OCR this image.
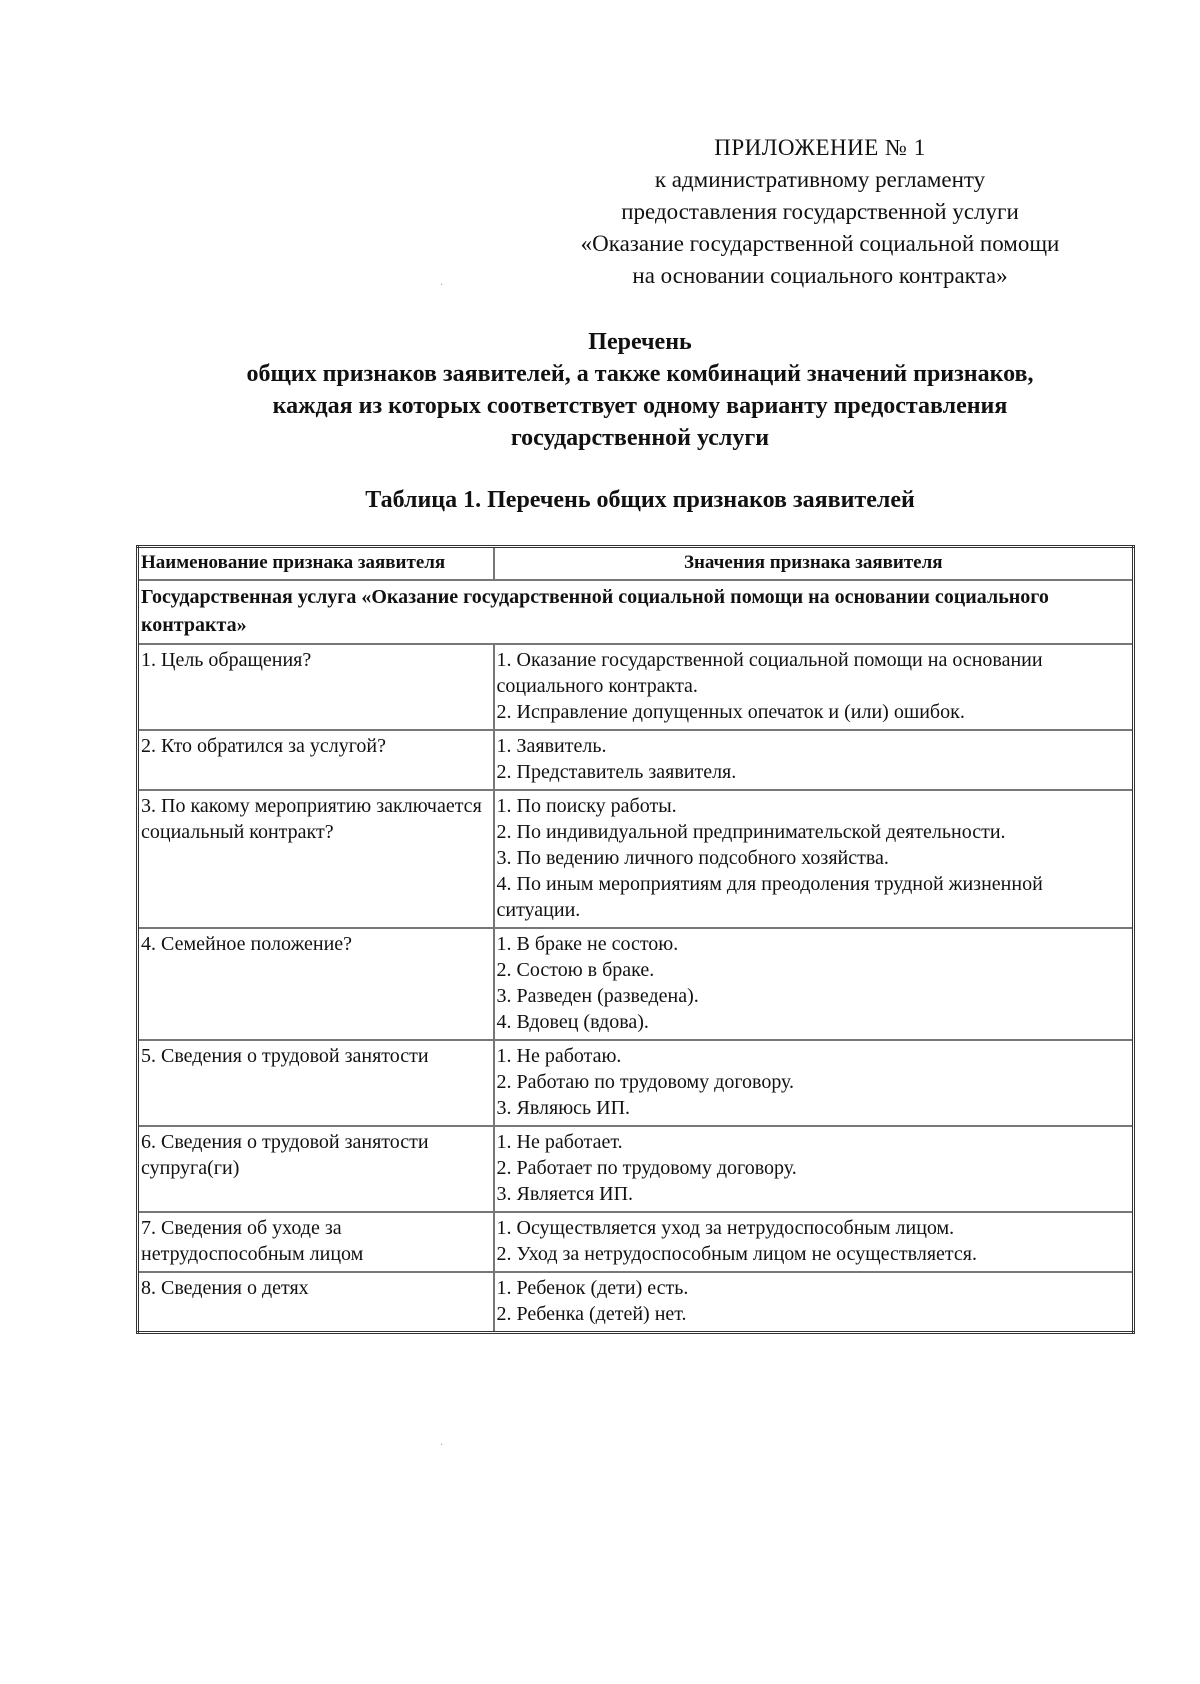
ПРИЛОЖЕНИЕ № 1
к административному регламенту
предоставления государственной услуги
«Оказание государственной социальной помощи
на основании социального контракта»
Перечень
общих признаков заявителей, а также комбинаций значений признаков,
каждая из которых соответствует одному варианту предоставления
государственной услуги
Таблица 1. Перечень общих признаков заявителей
Наименование признака заявителя	Значения признака заявителя
Государственная услуга «Оказание государственной социальной помощи на основании социального контракта»	
1. Цель обращения?	1. Оказание государственной социальной помощи на основании социального контракта.
2. Исправление допущенных опечаток и (или) ошибок.

2. Кто обратился за услугой?	1. Заявитель.
2. Представитель заявителя.

3. По какому мероприятию заключается социальный контракт?	1. По поиску работы.
2. По индивидуальной предпринимательской деятельности.
3. По ведению личного подсобного хозяйства.
4. По иным мероприятиям для преодоления трудной жизненной ситуации.

4. Семейное положение?	1. В браке не состою.
2. Состою в браке.
3. Разведен (разведена).
4. Вдовец (вдова).

5. Сведения о трудовой занятости	1. Не работаю.
2. Работаю по трудовому договору.
3. Являюсь ИП.

6. Сведения о трудовой занятости супруга(ги)	1. Не работает.
2. Работает по трудовому договору.
3. Является ИП.

7. Сведения об уходе за нетрудоспособным лицом	1. Осуществляется уход за нетрудоспособным лицом.
2. Уход за нетрудоспособным лицом не осуществляется.

8. Сведения о детях	1. Ребенок (дети) есть.
2. Ребенка (детей) нет.
·
·
